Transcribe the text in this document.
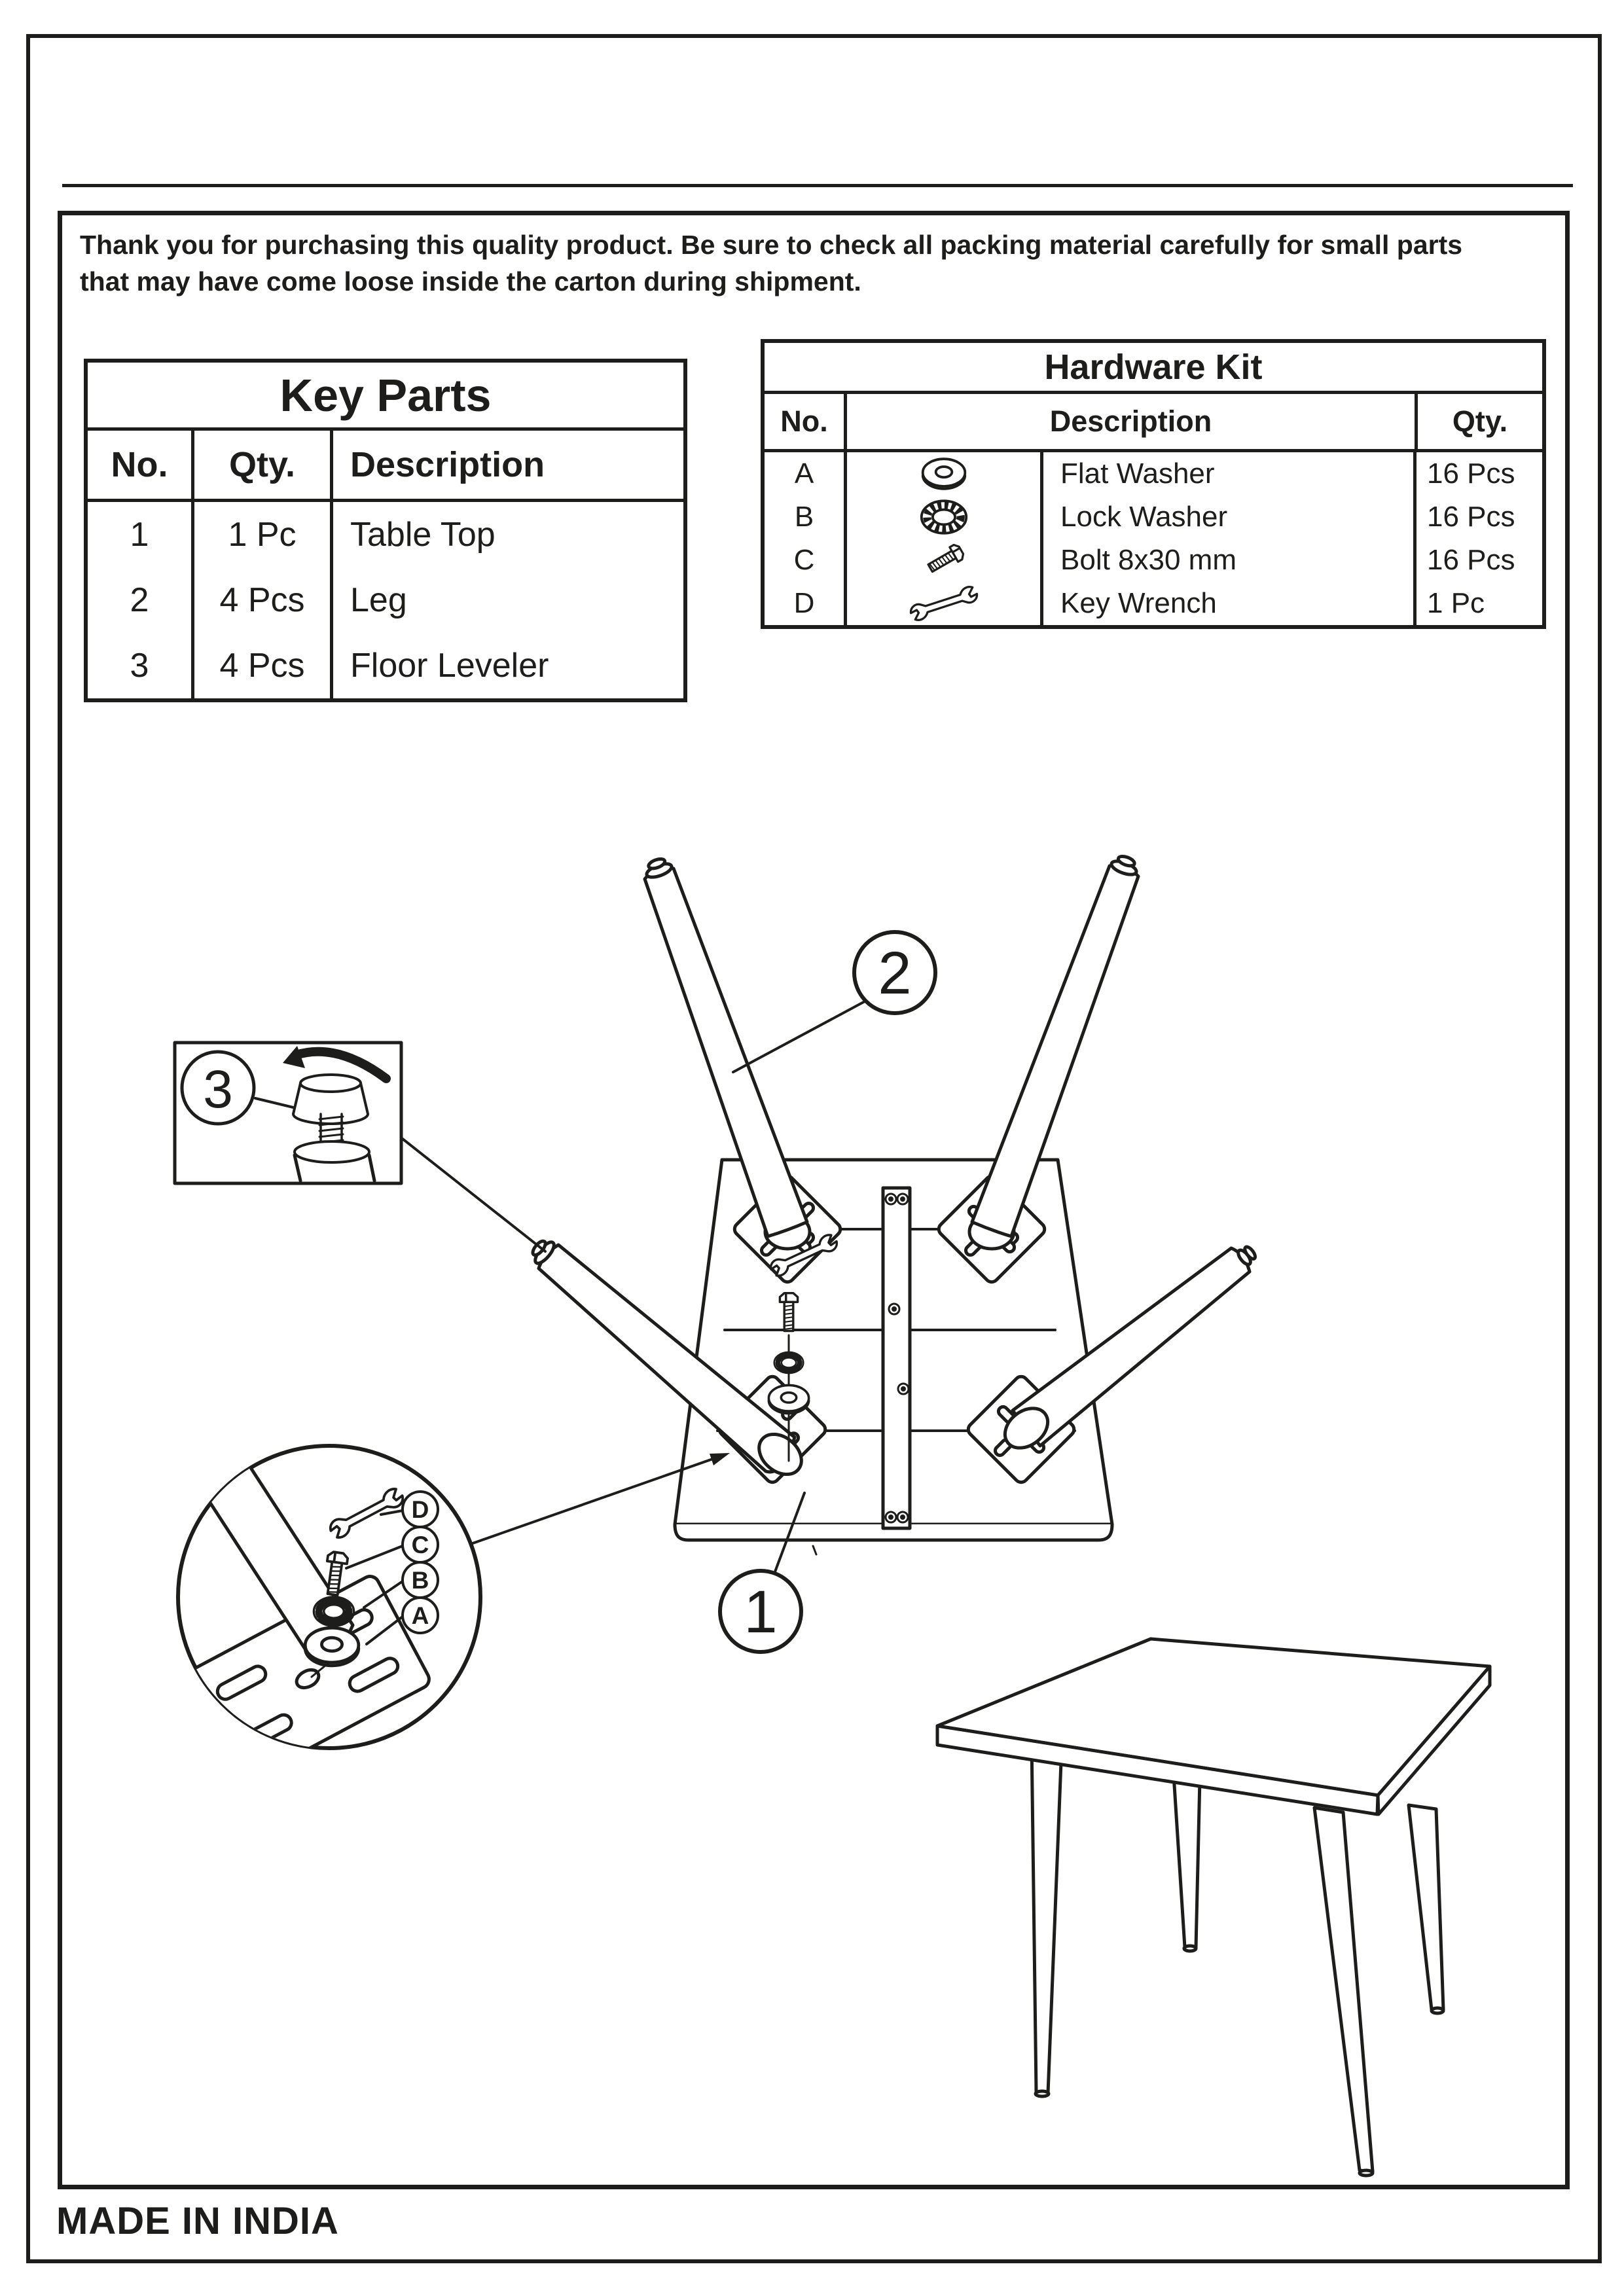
Thank you for purchasing this quality product. Be sure to check all packing material carefully for small parts that may have come loose inside the carton during shipment.
Key Parts
No.	Qty.	Description
1	1 Pc	Table Top
2	4 Pcs	Leg
3	4 Pcs	Floor Leveler
Hardware Kit
No.	Description	Qty.
A	Flat Washer	16 Pcs
B	Lock Washer	16 Pcs
C	Bolt 8x30 mm	16 Pcs
D	Key Wrench	1 Pc
2
1
3
D
C
B
A
MADE IN INDIA
